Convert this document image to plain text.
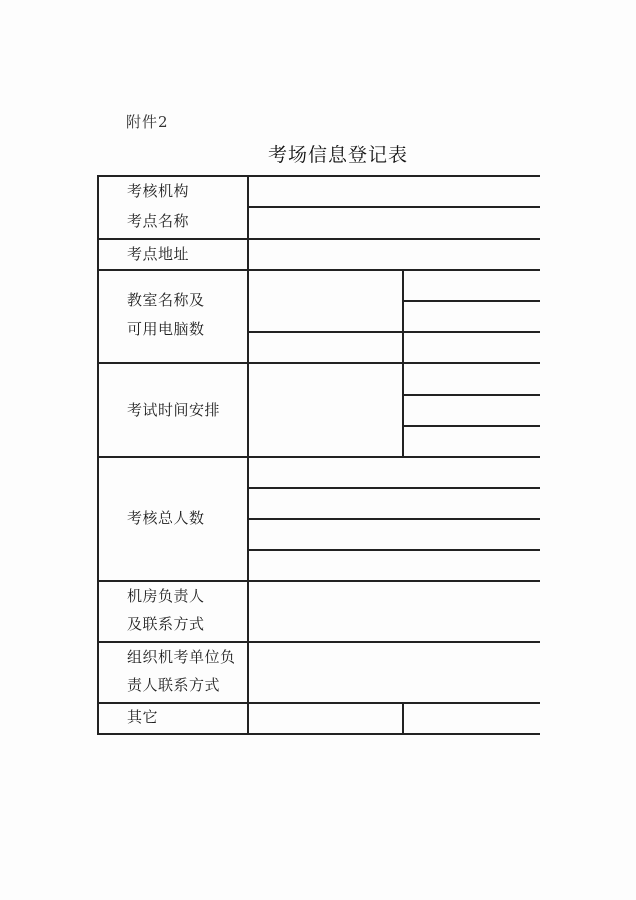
附件2
考场信息登记表
考核机构
考点名称
考点地址
教室名称及
可用电脑数
考试时间安排
考核总人数
机房负责人
及联系方式
组织机考单位负
责人联系方式
其它
